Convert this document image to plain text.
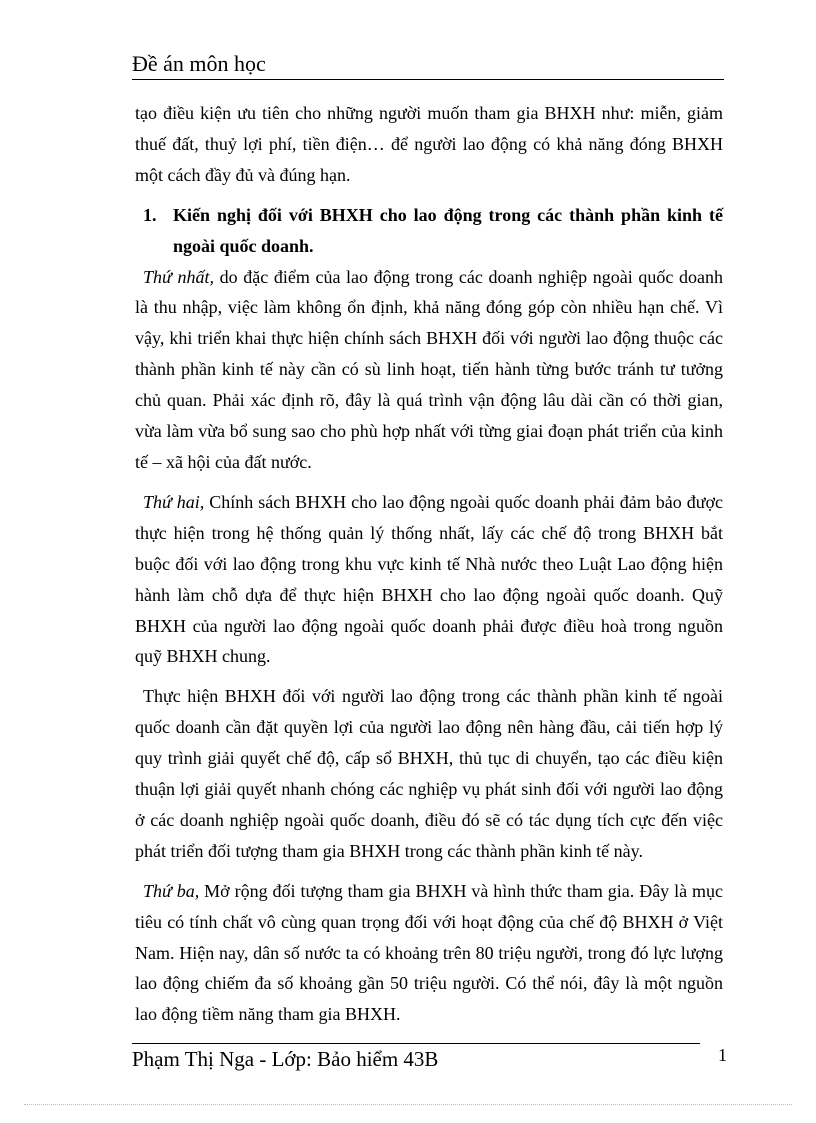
Đề án môn học

tạo điều kiện ưu tiên cho những người muốn tham gia BHXH như: miễn, giảm thuế đất, thuỷ lợi phí, tiền điện… để người lao động có khả năng đóng BHXH một cách đầy đủ và đúng hạn.

1. Kiến nghị đối với BHXH cho lao động trong các thành phần kinh tế ngoài quốc doanh.

Thứ nhất, do đặc điểm của lao động trong các doanh nghiệp ngoài quốc doanh là thu nhập, việc làm không ổn định, khả năng đóng góp còn nhiều hạn chế. Vì vậy, khi triển khai thực hiện chính sách BHXH đối với người lao động thuộc các thành phần kinh tế này cần có sù linh hoạt, tiến hành từng bước tránh tư tưởng chủ quan. Phải xác định rõ, đây là quá trình vận động lâu dài cần có thời gian, vừa làm vừa bổ sung sao cho phù hợp nhất với từng giai đoạn phát triển của kinh tế – xã hội của đất nước.

Thứ hai, Chính sách BHXH cho lao động ngoài quốc doanh phải đảm bảo được thực hiện trong hệ thống quản lý thống nhất, lấy các chế độ trong BHXH bắt buộc đối với lao động trong khu vực kinh tế Nhà nước theo Luật Lao động hiện hành làm chỗ dựa để thực hiện BHXH cho lao động ngoài quốc doanh. Quỹ BHXH của người lao động ngoài quốc doanh phải được điều hoà trong nguồn quỹ BHXH chung.

Thực hiện BHXH đối với người lao động trong các thành phần kinh tế ngoài quốc doanh cần đặt quyền lợi của người lao động nên hàng đầu, cải tiến hợp lý quy trình giải quyết chế độ, cấp sổ BHXH, thủ tục di chuyển, tạo các điều kiện thuận lợi giải quyết nhanh chóng các nghiệp vụ phát sinh đối với người lao động ở các doanh nghiệp ngoài quốc doanh, điều đó sẽ có tác dụng tích cực đến việc phát triển đối tượng tham gia BHXH trong các thành phần kinh tế này.

Thứ ba, Mở rộng đối tượng tham gia BHXH và hình thức tham gia. Đây là mục tiêu có tính chất vô cùng quan trọng đối với hoạt động của chế độ BHXH ở Việt Nam. Hiện nay, dân số nước ta có khoảng trên 80 triệu người, trong đó lực lượng lao động chiếm đa số khoảng gần 50 triệu người. Có thể nói, đây là một nguồn lao động tiềm năng tham gia BHXH.

Phạm Thị Nga - Lớp: Bảo hiểm 43B	1
